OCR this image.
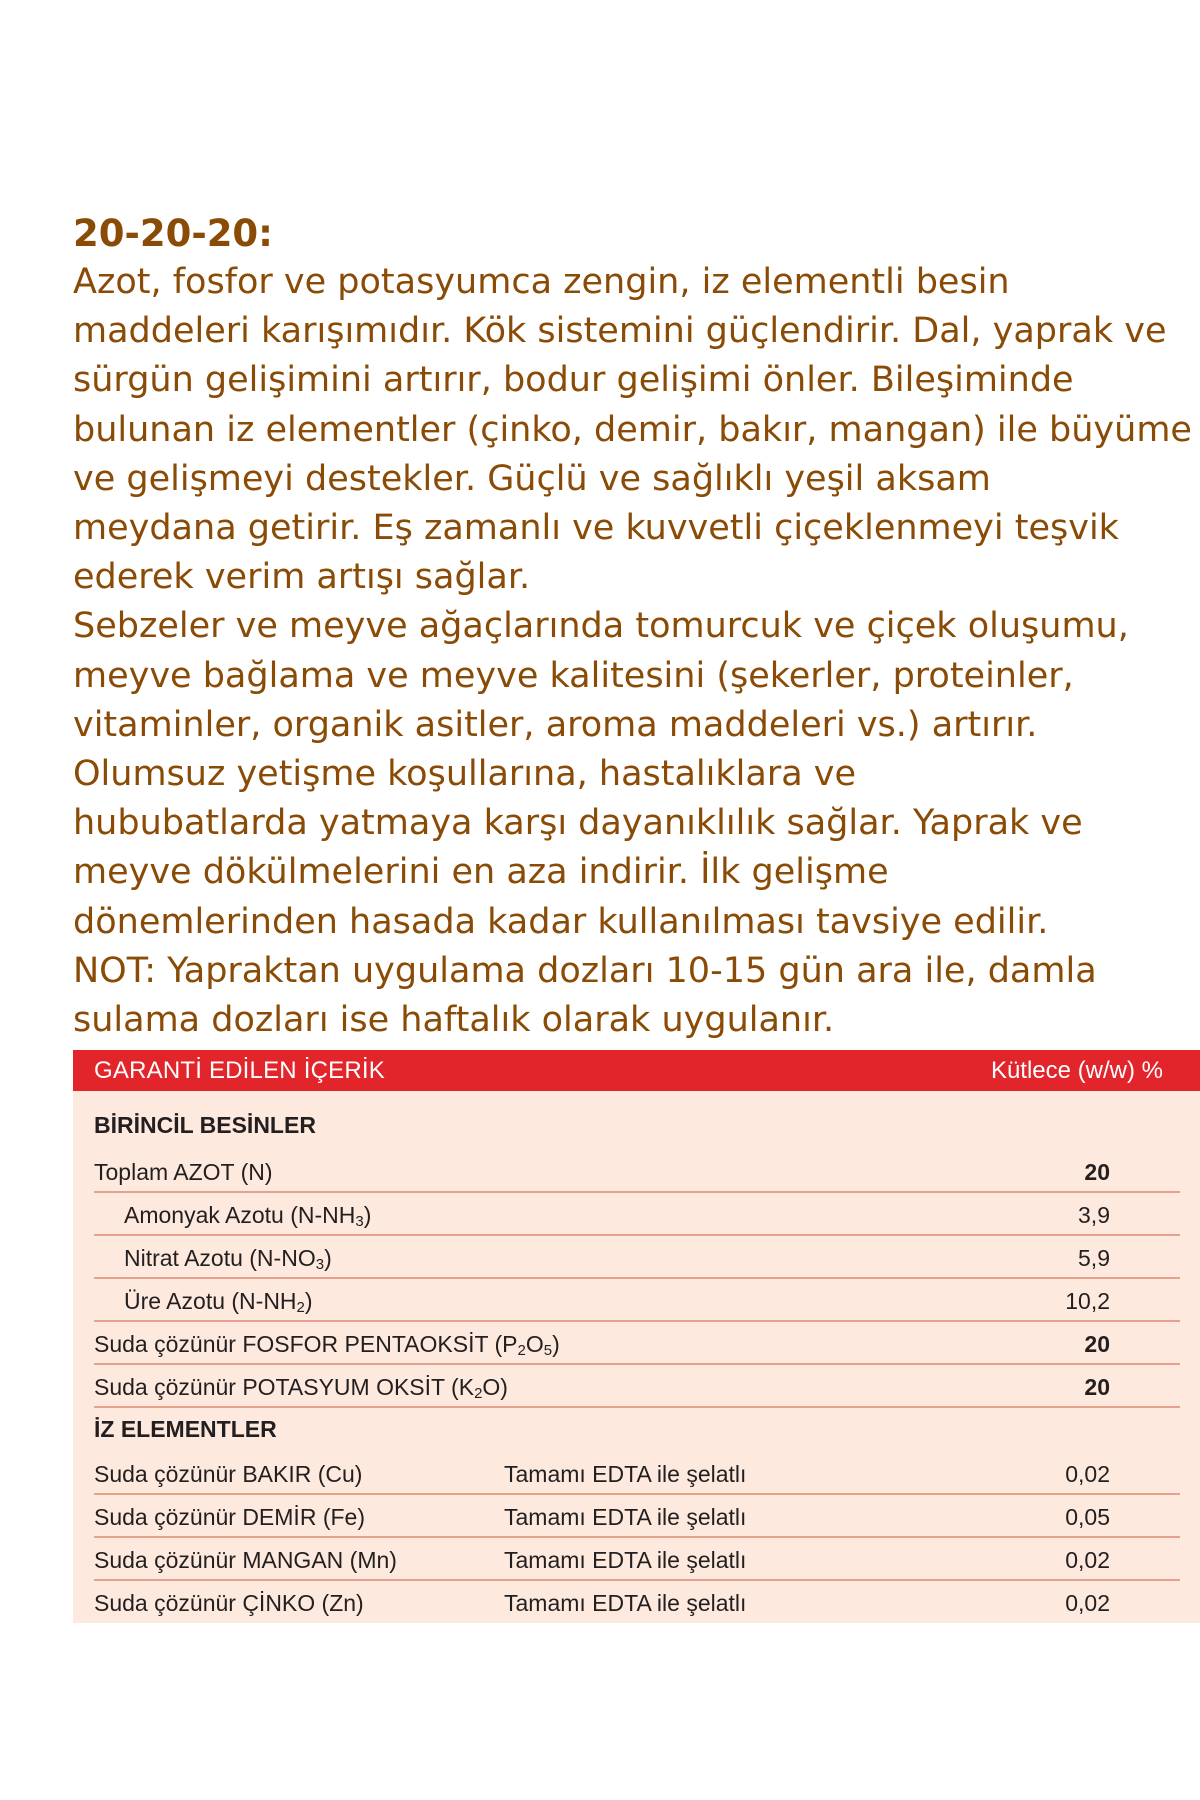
20-20-20:

Azot, fosfor ve potasyumca zengin, iz elementli besin
maddeleri karışımıdır. Kök sistemini güçlendirir. Dal, yaprak ve
sürgün gelişimini artırır, bodur gelişimi önler. Bileşiminde
bulunan iz elementler (çinko, demir, bakır, mangan) ile büyüme
ve gelişmeyi destekler. Güçlü ve sağlıklı yeşil aksam
meydana getirir. Eş zamanlı ve kuvvetli çiçeklenmeyi teşvik
ederek verim artışı sağlar.
Sebzeler ve meyve ağaçlarında tomurcuk ve çiçek oluşumu,
meyve bağlama ve meyve kalitesini (şekerler, proteinler,
vitaminler, organik asitler, aroma maddeleri vs.) artırır.
Olumsuz yetişme koşullarına, hastalıklara ve
hububatlarda yatmaya karşı dayanıklılık sağlar. Yaprak ve
meyve dökülmelerini en aza indirir. İlk gelişme
dönemlerinden hasada kadar kullanılması tavsiye edilir.
NOT: Yapraktan uygulama dozları 10-15 gün ara ile, damla
sulama dozları ise haftalık olarak uygulanır.

GARANTİ EDİLEN İÇERİK	Kütlece (w/w) %
BİRİNCİL BESİNLER
Toplam AZOT (N)	20
Amonyak Azotu $(N-NH_3)$	3,9
Nitrat Azotu $(N-NO_3)$	5,9
Üre Azotu $(N-NH_2)$	10,2
Suda çözünür FOSFOR PENTAOKSİT $(P_2O_5)$	20
Suda çözünür POTASYUM OKSİT $(K_2O)$	20
İZ ELEMENTLER
Suda çözünür BAKIR (Cu)	Tamamı EDTA ile şelatlı	0,02
Suda çözünür DEMİR (Fe)	Tamamı EDTA ile şelatlı	0,05
Suda çözünür MANGAN (Mn)	Tamamı EDTA ile şelatlı	0,02
Suda çözünür ÇİNKO (Zn)	Tamamı EDTA ile şelatlı	0,02
